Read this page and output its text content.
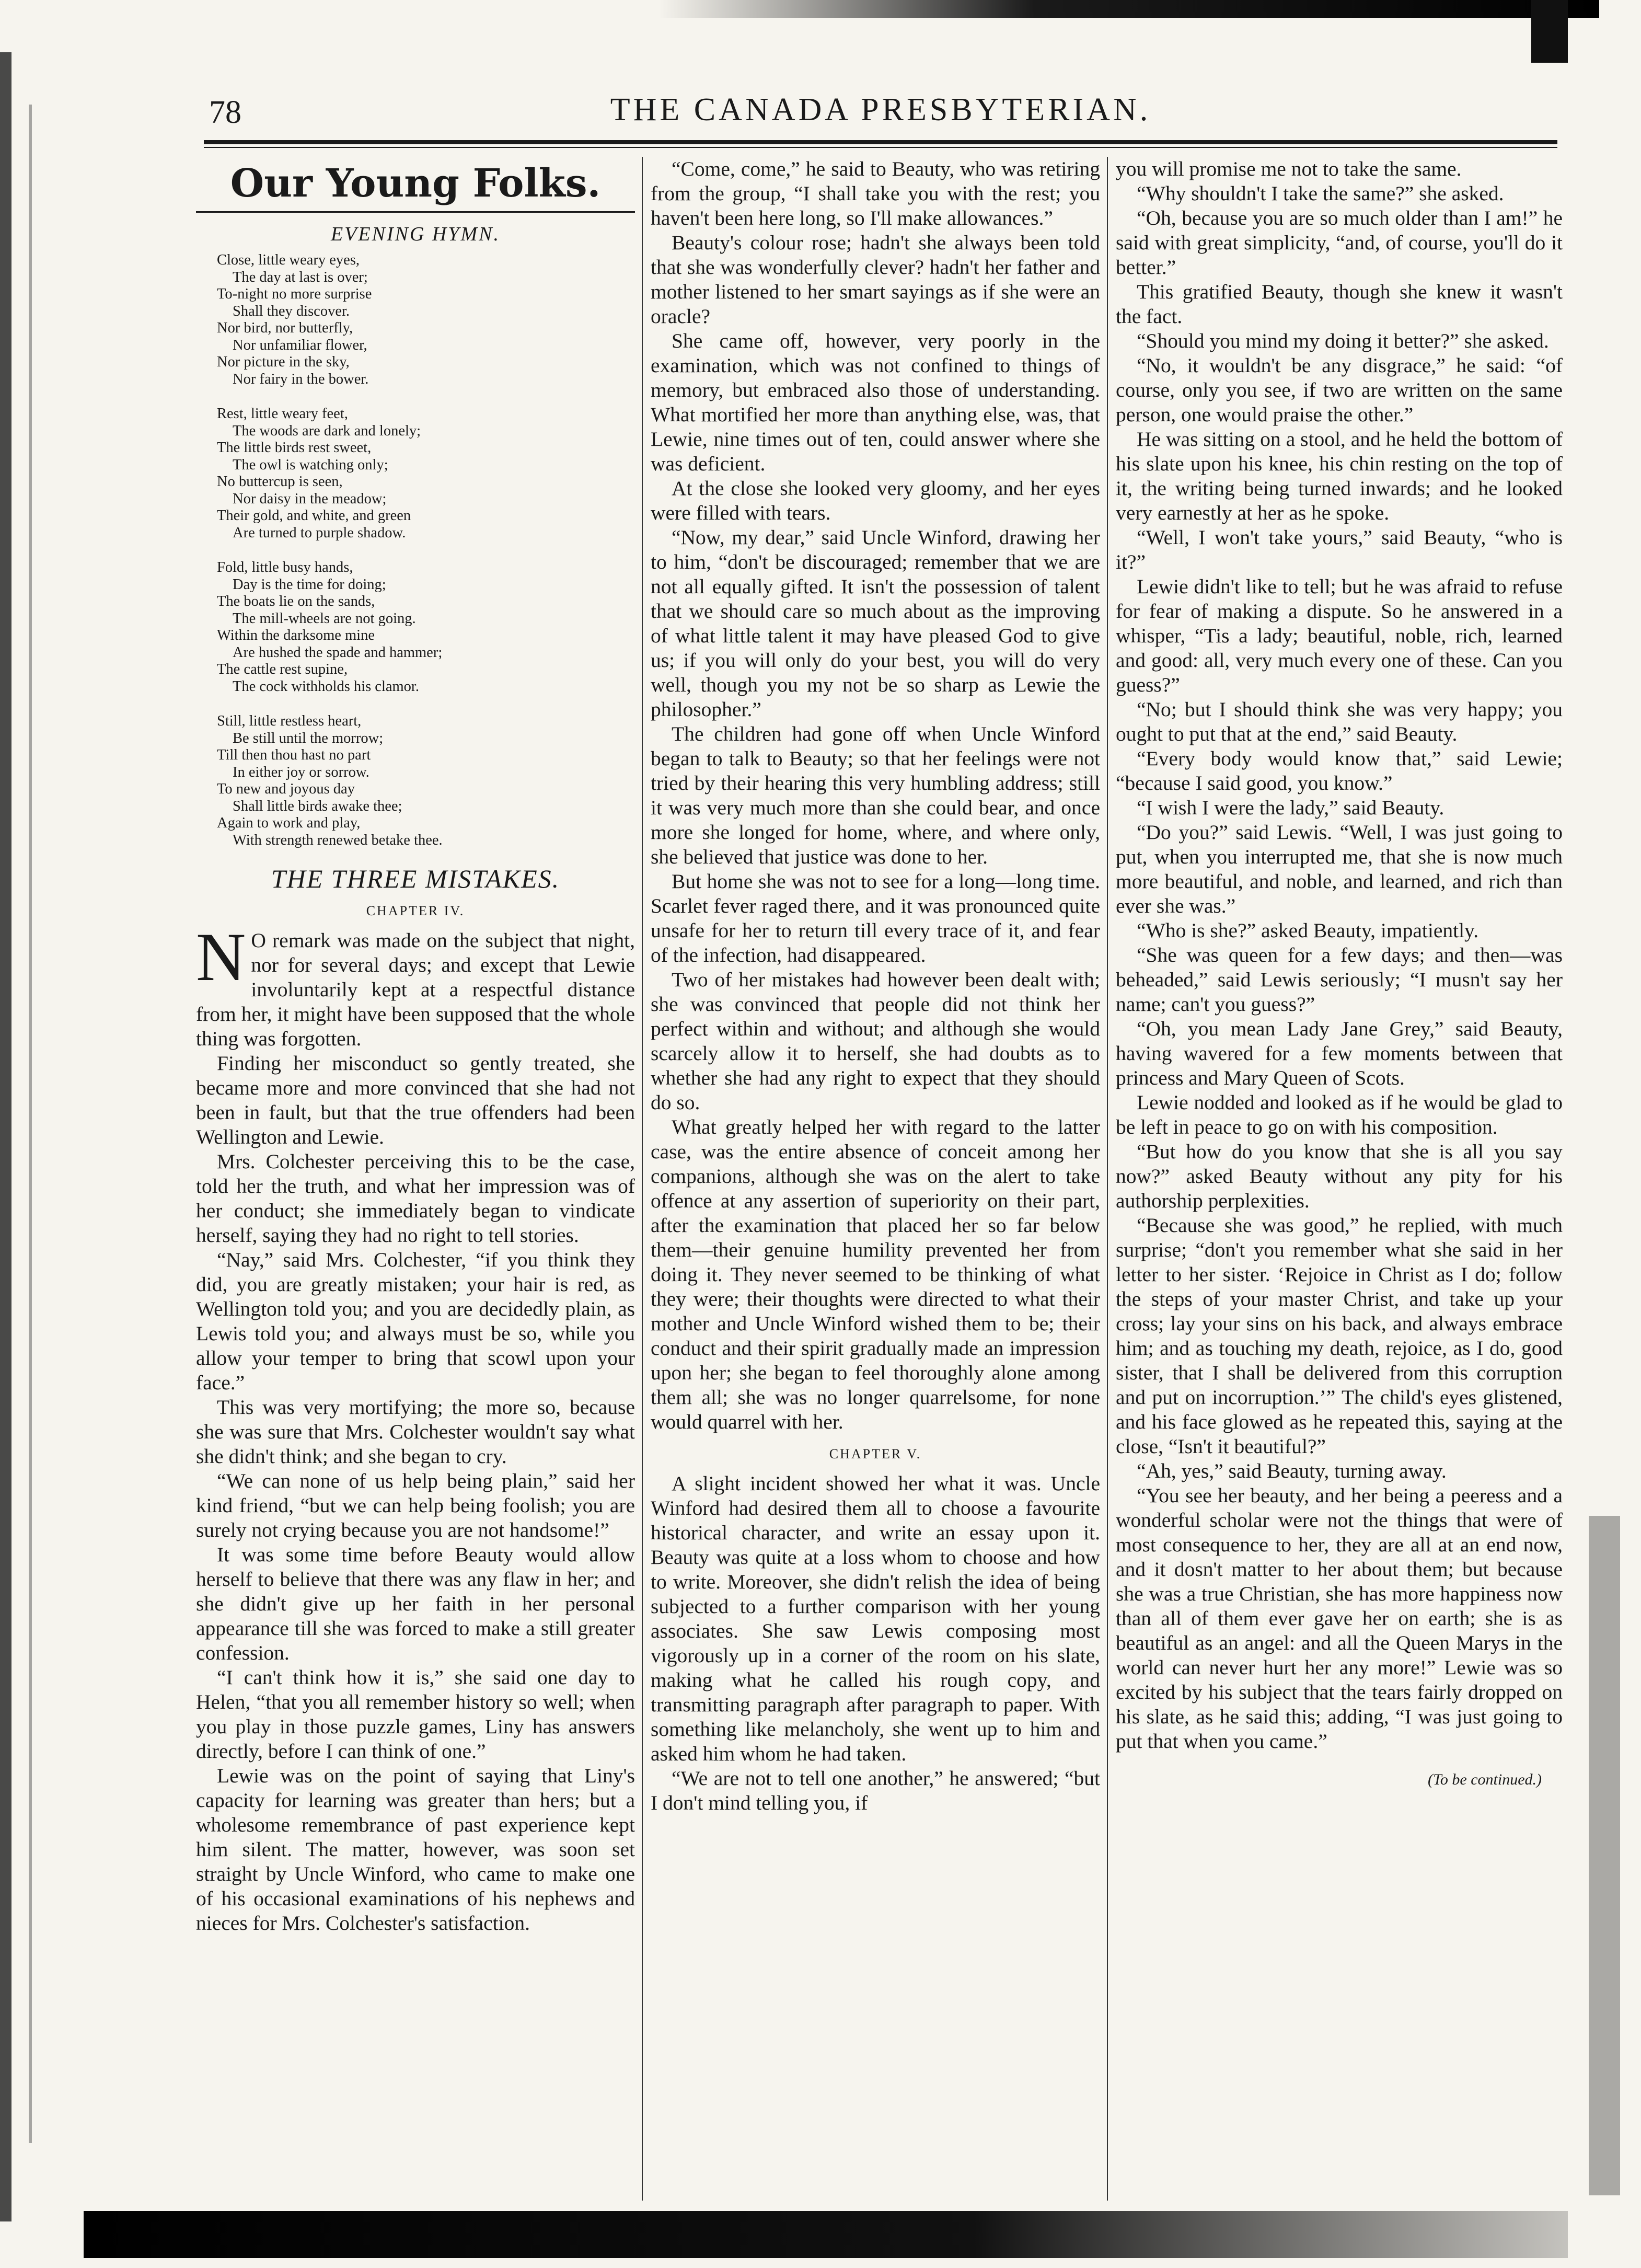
78	THE CANADA PRESBYTERIAN.
Our Young Folks.
EVENING HYMN.

Close, little weary eyes,

The day at last is over;

To-night no more surprise

Shall they discover.

Nor bird, nor butterfly,

Nor unfamiliar flower,

Nor picture in the sky,

Nor fairy in the bower.

Rest, little weary feet,

The woods are dark and lonely;

The little birds rest sweet,

The owl is watching only;

No buttercup is seen,

Nor daisy in the meadow;

Their gold, and white, and green

Are turned to purple shadow.

Fold, little busy hands,

Day is the time for doing;

The boats lie on the sands,

The mill-wheels are not going.

Within the darksome mine

Are hushed the spade and hammer;

The cattle rest supine,

The cock withholds his clamor.

Still, little restless heart,

Be still until the morrow;

Till then thou hast no part

In either joy or sorrow.

To new and joyous day

Shall little birds awake thee;

Again to work and play,

With strength renewed betake thee.

THE THREE MISTAKES.
CHAPTER IV.

N O remark was made on the subject that night, nor for several days; and except that Lewie involuntarily kept at a respectful distance from her, it might have been supposed that the whole thing was forgotten.

Finding her misconduct so gently treated, she became more and more convinced that she had not been in fault, but that the true offenders had been Wellington and Lewie.

Mrs. Colchester perceiving this to be the case, told her the truth, and what her impression was of her conduct; she immediately began to vindicate herself, saying they had no right to tell stories.

“Nay,” said Mrs. Colchester, “if you think they did, you are greatly mistaken; your hair is red, as Wellington told you; and you are decidedly plain, as Lewis told you; and always must be so, while you allow your temper to bring that scowl upon your face.”

This was very mortifying; the more so, because she was sure that Mrs. Colchester wouldn't say what she didn't think; and she began to cry.

“We can none of us help being plain,” said her kind friend, “but we can help being foolish; you are surely not crying because you are not handsome!”

It was some time before Beauty would allow herself to believe that there was any flaw in her; and she didn't give up her faith in her personal appearance till she was forced to make a still greater confession.

“I can't think how it is,” she said one day to Helen, “that you all remember history so well; when you play in those puzzle games, Liny has answers directly, before I can think of one.”

Lewie was on the point of saying that Liny's capacity for learning was greater than hers; but a wholesome remembrance of past experience kept him silent. The matter, however, was soon set straight by Uncle Winford, who came to make one of his occasional examinations of his nephews and nieces for Mrs. Colchester's satisfaction.

“Come, come,” he said to Beauty, who was retiring from the group, “I shall take you with the rest; you haven't been here long, so I'll make allowances.”

Beauty's colour rose; hadn't she always been told that she was wonderfully clever? hadn't her father and mother listened to her smart sayings as if she were an oracle?

She came off, however, very poorly in the examination, which was not confined to things of memory, but embraced also those of understanding. What mortified her more than anything else, was, that Lewie, nine times out of ten, could answer where she was deficient.

At the close she looked very gloomy, and her eyes were filled with tears.

“Now, my dear,” said Uncle Winford, drawing her to him, “don't be discouraged; remember that we are not all equally gifted. It isn't the possession of talent that we should care so much about as the improving of what little talent it may have pleased God to give us; if you will only do your best, you will do very well, though you my not be so sharp as Lewie the philosopher.”

The children had gone off when Uncle Winford began to talk to Beauty; so that her feelings were not tried by their hearing this very humbling address; still it was very much more than she could bear, and once more she longed for home, where, and where only, she believed that justice was done to her.

But home she was not to see for a long—long time. Scarlet fever raged there, and it was pronounced quite unsafe for her to return till every trace of it, and fear of the infection, had disappeared.

Two of her mistakes had however been dealt with; she was convinced that people did not think her perfect within and without; and although she would scarcely allow it to herself, she had doubts as to whether she had any right to expect that they should do so.

What greatly helped her with regard to the latter case, was the entire absence of conceit among her companions, although she was on the alert to take offence at any assertion of superiority on their part, after the examination that placed her so far below them—their genuine humility prevented her from doing it. They never seemed to be thinking of what they were; their thoughts were directed to what their mother and Uncle Winford wished them to be; their conduct and their spirit gradually made an impression upon her; she began to feel thoroughly alone among them all; she was no longer quarrelsome, for none would quarrel with her.

CHAPTER V.

A slight incident showed her what it was. Uncle Winford had desired them all to choose a favourite historical character, and write an essay upon it. Beauty was quite at a loss whom to choose and how to write. Moreover, she didn't relish the idea of being subjected to a further comparison with her young associates. She saw Lewis composing most vigorously up in a corner of the room on his slate, making what he called his rough copy, and transmitting paragraph after paragraph to paper. With something like melancholy, she went up to him and asked him whom he had taken.

“We are not to tell one another,” he answered; “but I don't mind telling you, if

you will promise me not to take the same.

“Why shouldn't I take the same?” she asked.

“Oh, because you are so much older than I am!” he said with great simplicity, “and, of course, you'll do it better.”

This gratified Beauty, though she knew it wasn't the fact.

“Should you mind my doing it better?” she asked.

“No, it wouldn't be any disgrace,” he said: “of course, only you see, if two are written on the same person, one would praise the other.”

He was sitting on a stool, and he held the bottom of his slate upon his knee, his chin resting on the top of it, the writing being turned inwards; and he looked very earnestly at her as he spoke.

“Well, I won't take yours,” said Beauty, “who is it?”

Lewie didn't like to tell; but he was afraid to refuse for fear of making a dispute. So he answered in a whisper, “Tis a lady; beautiful, noble, rich, learned and good: all, very much every one of these. Can you guess?”

“No; but I should think she was very happy; you ought to put that at the end,” said Beauty.

“Every body would know that,” said Lewie; “because I said good, you know.”

“I wish I were the lady,” said Beauty.

“Do you?” said Lewis. “Well, I was just going to put, when you interrupted me, that she is now much more beautiful, and noble, and learned, and rich than ever she was.”

“Who is she?” asked Beauty, impatiently.

“She was queen for a few days; and then—was beheaded,” said Lewis seriously; “I musn't say her name; can't you guess?”

“Oh, you mean Lady Jane Grey,” said Beauty, having wavered for a few moments between that princess and Mary Queen of Scots.

Lewie nodded and looked as if he would be glad to be left in peace to go on with his composition.

“But how do you know that she is all you say now?” asked Beauty without any pity for his authorship perplexities.

“Because she was good,” he replied, with much surprise; “don't you remember what she said in her letter to her sister. ‘Rejoice in Christ as I do; follow the steps of your master Christ, and take up your cross; lay your sins on his back, and always embrace him; and as touching my death, rejoice, as I do, good sister, that I shall be delivered from this corruption and put on incorruption.’” The child's eyes glistened, and his face glowed as he repeated this, saying at the close, “Isn't it beautiful?”

“Ah, yes,” said Beauty, turning away.

“You see her beauty, and her being a peeress and a wonderful scholar were not the things that were of most consequence to her, they are all at an end now, and it dosn't matter to her about them; but because she was a true Christian, she has more happiness now than all of them ever gave her on earth; she is as beautiful as an angel: and all the Queen Marys in the world can never hurt her any more!” Lewie was so excited by his subject that the tears fairly dropped on his slate, as he said this; adding, “I was just going to put that when you came.”

(To be continued.)
